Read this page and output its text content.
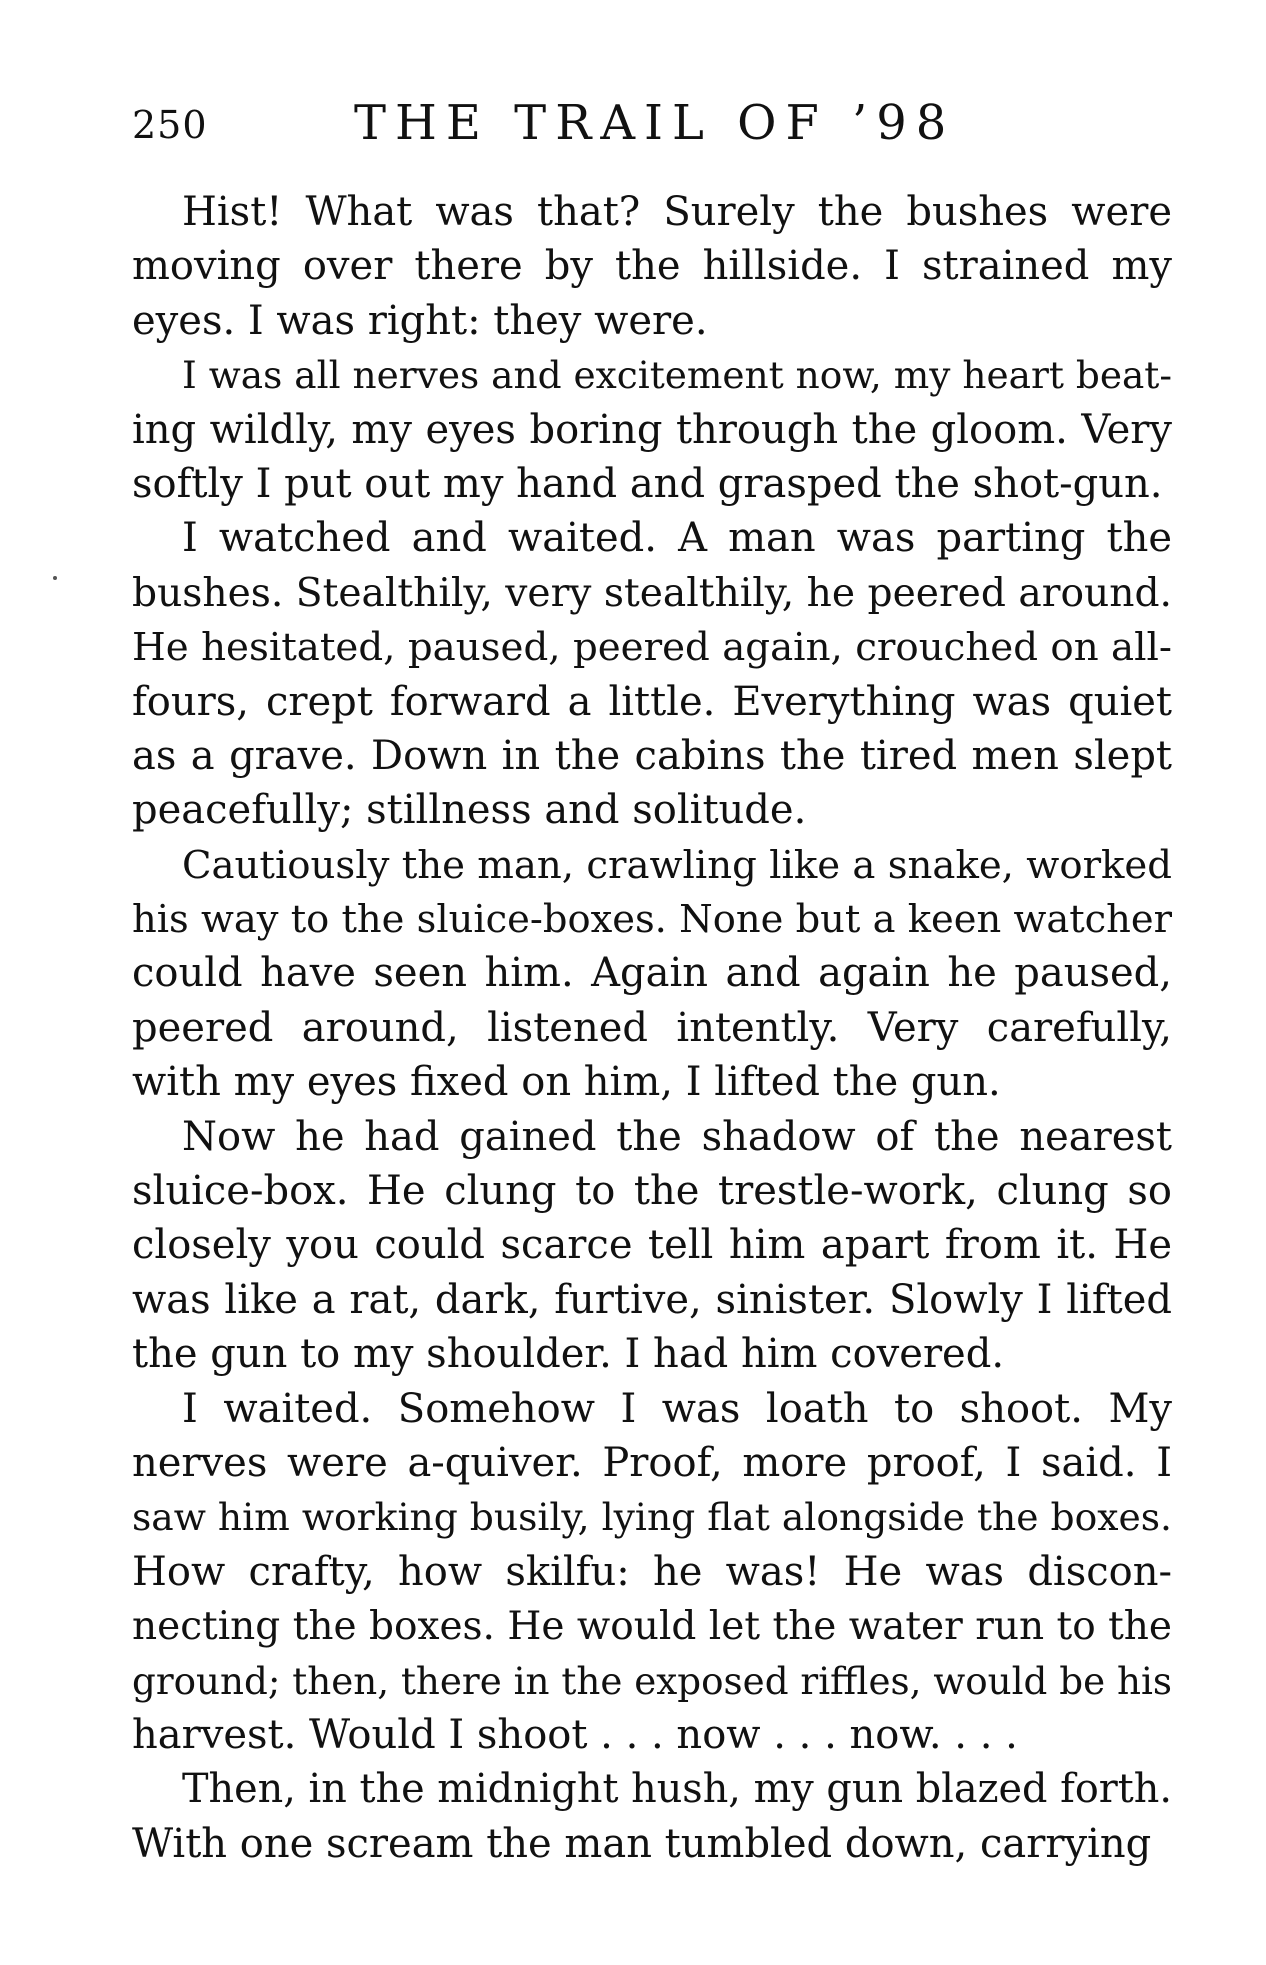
250	THE TRAIL OF ’98
Hist! What was that? Surely the bushes were
moving over there by the hillside. I strained my
eyes. I was right: they were.
I was all nerves and excitement now, my heart beat-
ing wildly, my eyes boring through the gloom. Very
softly I put out my hand and grasped the shot-gun.
I watched and waited. A man was parting the
bushes. Stealthily, very stealthily, he peered around.
He hesitated, paused, peered again, crouched on all-
fours, crept forward a little. Everything was quiet
as a grave. Down in the cabins the tired men slept
peacefully; stillness and solitude.
Cautiously the man, crawling like a snake, worked
his way to the sluice-boxes. None but a keen watcher
could have seen him. Again and again he paused,
peered around, listened intently. Very carefully,
with my eyes fixed on him, I lifted the gun.
Now he had gained the shadow of the nearest
sluice-box. He clung to the trestle-work, clung so
closely you could scarce tell him apart from it. He
was like a rat, dark, furtive, sinister. Slowly I lifted
the gun to my shoulder. I had him covered.
I waited. Somehow I was loath to shoot. My
nerves were a-quiver. Proof, more proof, I said. I
saw him working busily, lying flat alongside the boxes.
How crafty, how skilfu: he was! He was discon-
necting the boxes. He would let the water run to the
ground; then, there in the exposed riffles, would be his
harvest. Would I shoot . . . now . . . now. . . .
Then, in the midnight hush, my gun blazed forth.
With one scream the man tumbled down, carrying
